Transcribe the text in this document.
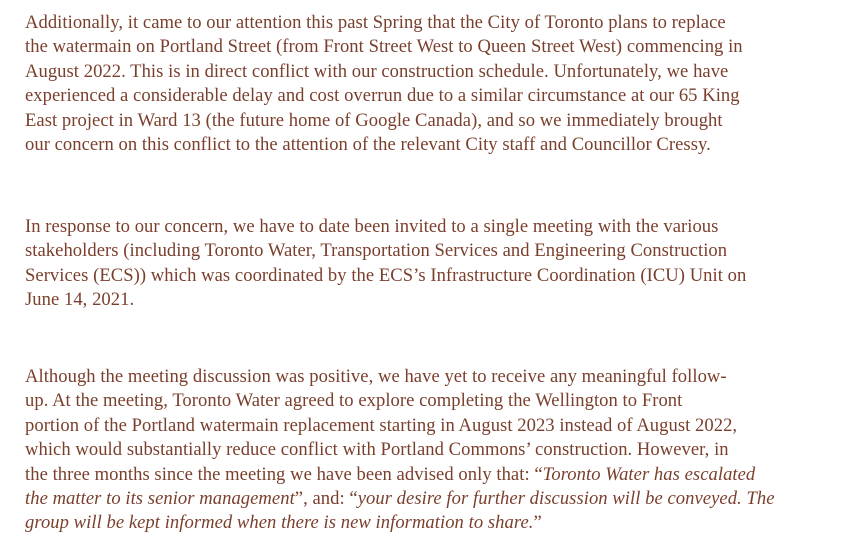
Additionally, it came to our attention this past Spring that the City of Toronto plans to replace
the watermain on Portland Street (from Front Street West to Queen Street West) commencing in
August 2022. This is in direct conflict with our construction schedule. Unfortunately, we have
experienced a considerable delay and cost overrun due to a similar circumstance at our 65 King
East project in Ward 13 (the future home of Google Canada), and so we immediately brought
our concern on this conflict to the attention of the relevant City staff and Councillor Cressy.

In response to our concern, we have to date been invited to a single meeting with the various
stakeholders (including Toronto Water, Transportation Services and Engineering Construction
Services (ECS)) which was coordinated by the ECS’s Infrastructure Coordination (ICU) Unit on
June 14, 2021.

Although the meeting discussion was positive, we have yet to receive any meaningful follow-
up. At the meeting, Toronto Water agreed to explore completing the Wellington to Front
portion of the Portland watermain replacement starting in August 2023 instead of August 2022,
which would substantially reduce conflict with Portland Commons’ construction. However, in
the three months since the meeting we have been advised only that: “Toronto Water has escalated
the matter to its senior management”, and: “your desire for further discussion will be conveyed. The
group will be kept informed when there is new information to share.”
